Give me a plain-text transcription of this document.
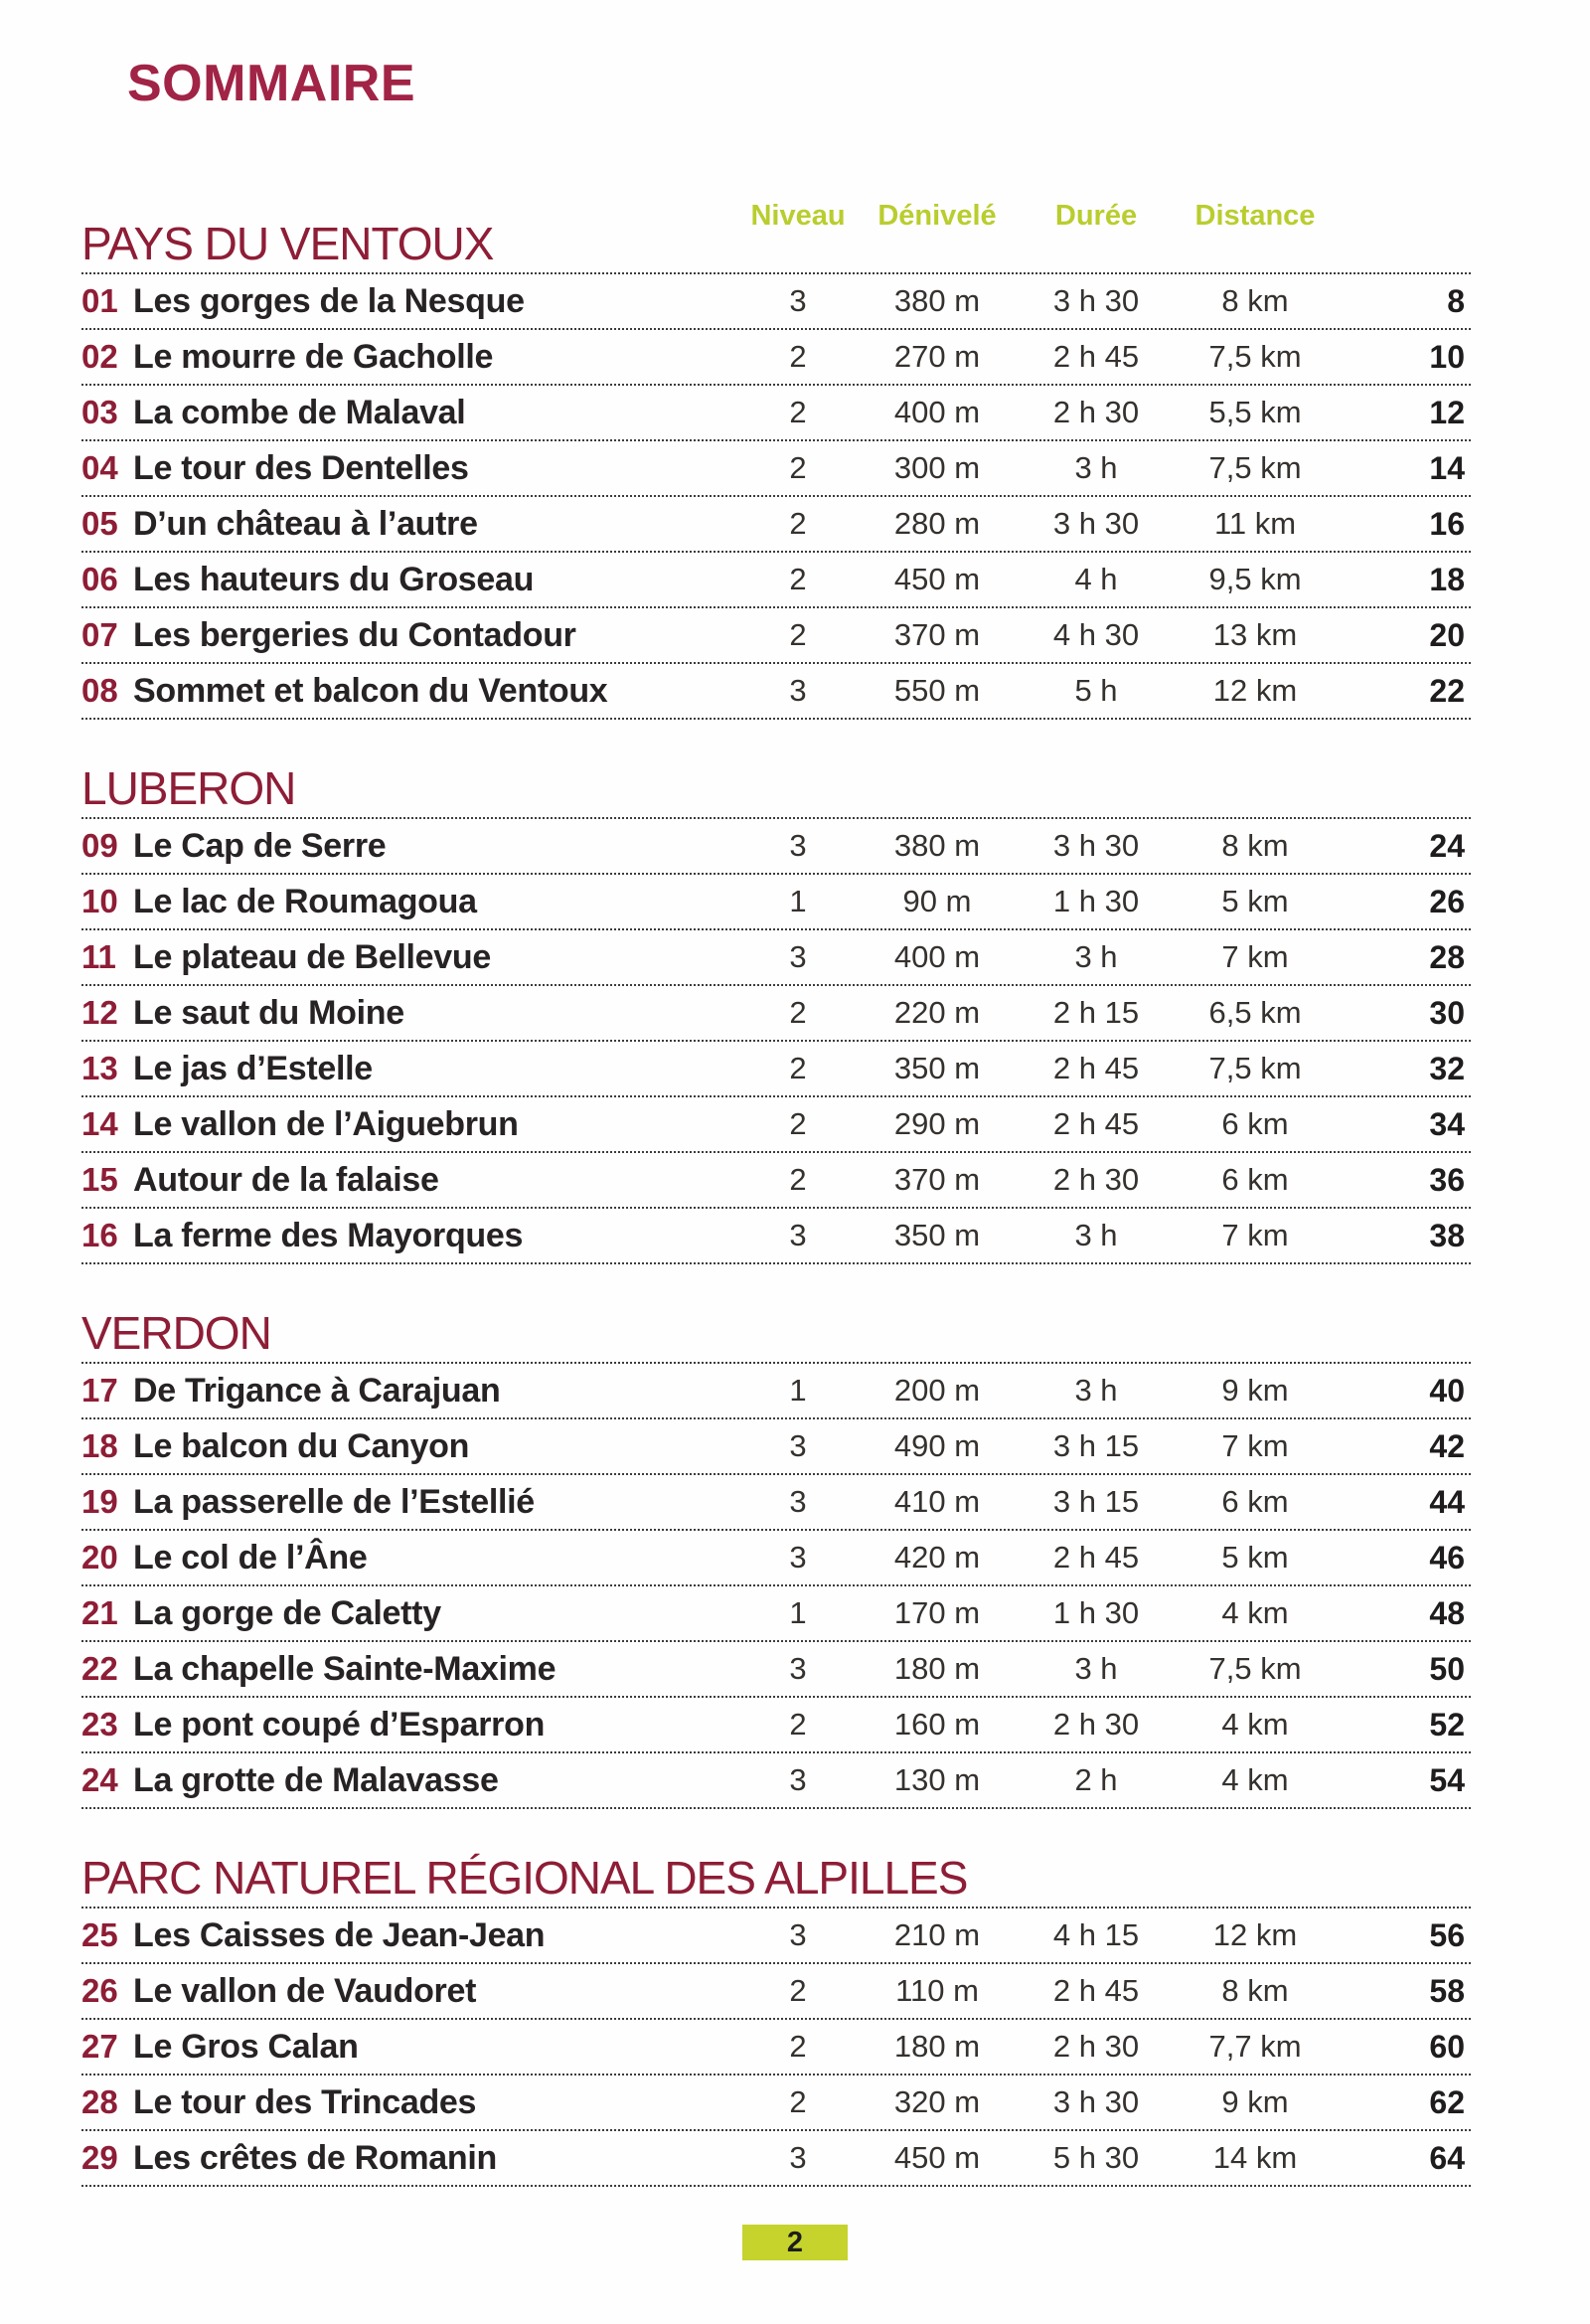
SOMMAIRE
PAYS DU VENTOUX
Niveau	Dénivelé	Durée	Distance
01 Les gorges de la Nesque	3	380 m	3 h 30	8 km	8
02 Le mourre de Gacholle	2	270 m	2 h 45	7,5 km	10
03 La combe de Malaval	2	400 m	2 h 30	5,5 km	12
04 Le tour des Dentelles	2	300 m	3 h	7,5 km	14
05 D’un château à l’autre	2	280 m	3 h 30	11 km	16
06 Les hauteurs du Groseau	2	450 m	4 h	9,5 km	18
07 Les bergeries du Contadour	2	370 m	4 h 30	13 km	20
08 Sommet et balcon du Ventoux	3	550 m	5 h	12 km	22
LUBERON
09 Le Cap de Serre	3	380 m	3 h 30	8 km	24
10 Le lac de Roumagoua	1	90 m	1 h 30	5 km	26
11 Le plateau de Bellevue	3	400 m	3 h	7 km	28
12 Le saut du Moine	2	220 m	2 h 15	6,5 km	30
13 Le jas d’Estelle	2	350 m	2 h 45	7,5 km	32
14 Le vallon de l’Aiguebrun	2	290 m	2 h 45	6 km	34
15 Autour de la falaise	2	370 m	2 h 30	6 km	36
16 La ferme des Mayorques	3	350 m	3 h	7 km	38
VERDON
17 De Trigance à Carajuan	1	200 m	3 h	9 km	40
18 Le balcon du Canyon	3	490 m	3 h 15	7 km	42
19 La passerelle de l’Estellié	3	410 m	3 h 15	6 km	44
20 Le col de l’Âne	3	420 m	2 h 45	5 km	46
21 La gorge de Caletty	1	170 m	1 h 30	4 km	48
22 La chapelle Sainte-Maxime	3	180 m	3 h	7,5 km	50
23 Le pont coupé d’Esparron	2	160 m	2 h 30	4 km	52
24 La grotte de Malavasse	3	130 m	2 h	4 km	54
PARC NATUREL RÉGIONAL DES ALPILLES
25 Les Caisses de Jean-Jean	3	210 m	4 h 15	12 km	56
26 Le vallon de Vaudoret	2	110 m	2 h 45	8 km	58
27 Le Gros Calan	2	180 m	2 h 30	7,7 km	60
28 Le tour des Trincades	2	320 m	3 h 30	9 km	62
29 Les crêtes de Romanin	3	450 m	5 h 30	14 km	64
2
